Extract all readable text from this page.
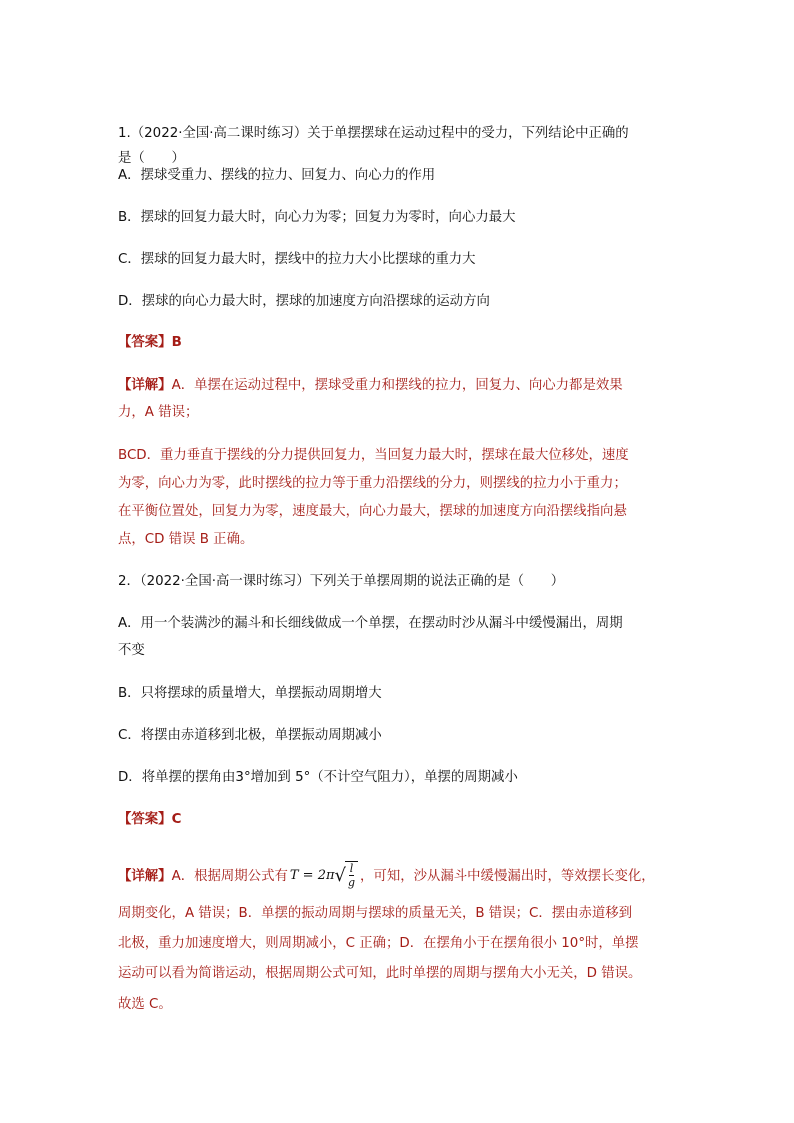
1.（2022·全国·高二课时练习）关于单摆摆球在运动过程中的受力，下列结论中正确的
是（　　）
A．摆球受重力、摆线的拉力、回复力、向心力的作用
B．摆球的回复力最大时，向心力为零；回复力为零时，向心力最大
C．摆球的回复力最大时，摆线中的拉力大小比摆球的重力大
D．摆球的向心力最大时，摆球的加速度方向沿摆球的运动方向
【答案】B
【详解】A．单摆在运动过程中，摆球受重力和摆线的拉力，回复力、向心力都是效果
力，A 错误；
BCD．重力垂直于摆线的分力提供回复力，当回复力最大时，摆球在最大位移处，速度
为零，向心力为零，此时摆线的拉力等于重力沿摆线的分力，则摆线的拉力小于重力；
在平衡位置处，回复力为零，速度最大，向心力最大，摆球的加速度方向沿摆线指向悬
点，CD 错误 B 正确。
2．（2022·全国·高一课时练习）下列关于单摆周期的说法正确的是（　　）
A．用一个装满沙的漏斗和长细线做成一个单摆，在摆动时沙从漏斗中缓慢漏出，周期
不变
B．只将摆球的质量增大，单摆振动周期增大
C．将摆由赤道移到北极，单摆振动周期减小
D．将单摆的摆角由3°增加到 5°（不计空气阻力），单摆的周期减小
【答案】C
【详解】A．根据周期公式有 T = 2π √ $\frac{l}{g}$ ，可知，沙从漏斗中缓慢漏出时，等效摆长变化，
周期变化，A 错误；B．单摆的振动周期与摆球的质量无关，B 错误；C．摆由赤道移到
北极，重力加速度增大，则周期减小，C 正确；D．在摆角小于在摆角很小 10°时，单摆
运动可以看为简谐运动，根据周期公式可知，此时单摆的周期与摆角大小无关，D 错误。
故选 C。
